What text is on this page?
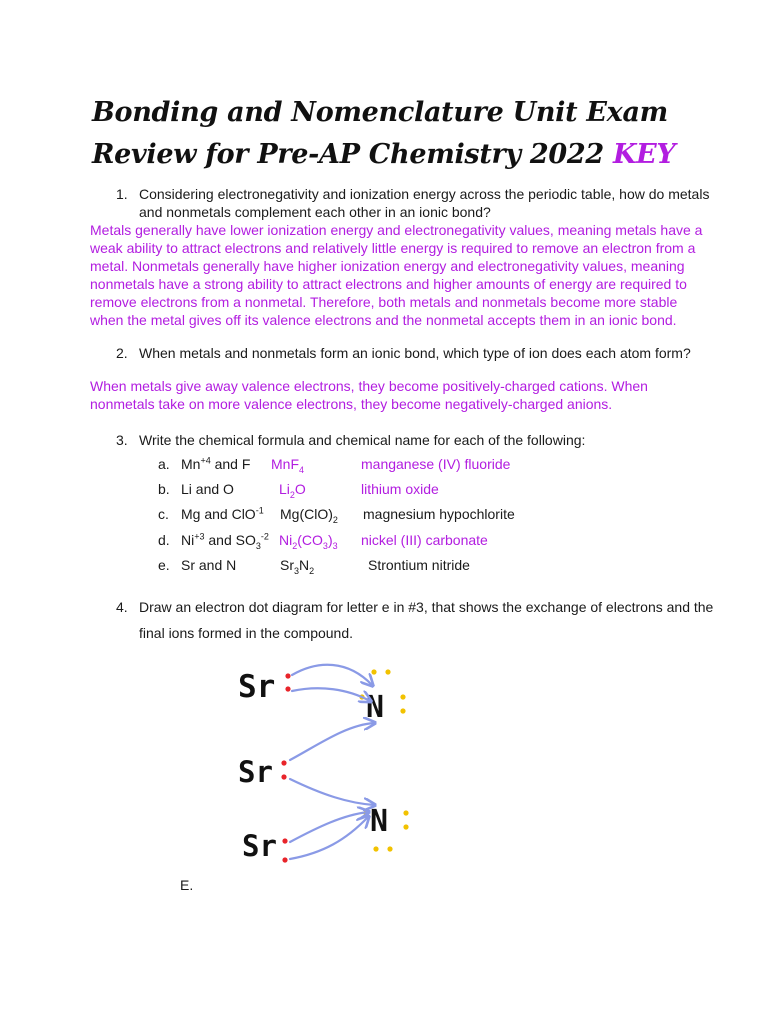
Bonding and Nomenclature Unit Exam Review for Pre-AP Chemistry 2022 KEY
1. Considering electronegativity and ionization energy across the periodic table, how do metals
and nonmetals complement each other in an ionic bond?
Metals generally have lower ionization energy and electronegativity values, meaning metals have a
weak ability to attract electrons and relatively little energy is required to remove an electron from a
metal. Nonmetals generally have higher ionization energy and electronegativity values, meaning
nonmetals have a strong ability to attract electrons and higher amounts of energy are required to
remove electrons from a nonmetal. Therefore, both metals and nonmetals become more stable
when the metal gives off its valence electrons and the nonmetal accepts them in an ionic bond.
2. When metals and nonmetals form an ionic bond, which type of ion does each atom form?
When metals give away valence electrons, they become positively-charged cations. When
nonmetals take on more valence electrons, they become negatively-charged anions.
3. Write the chemical formula and chemical name for each of the following:
a. $Mn^{+4}$ and F MnF$_4$	manganese (IV) fluoride
b. Li and O	$Li_2O$	lithium oxide
c. Mg and ClO$^{-1}$ $Mg(ClO)_2$ magnesium hypochlorite
d. $Ni^{+3}$ and $SO_3^{-2}$ $Ni_2(CO_3)_3$ nickel (III) carbonate
e. Sr and N	$Sr_3N_2$	Strontium nitride
4. Draw an electron dot diagram for letter e in #3, that shows the exchange of electrons and the
final ions formed in the compound.
Sr
Sr
Sr
N
N
E.
